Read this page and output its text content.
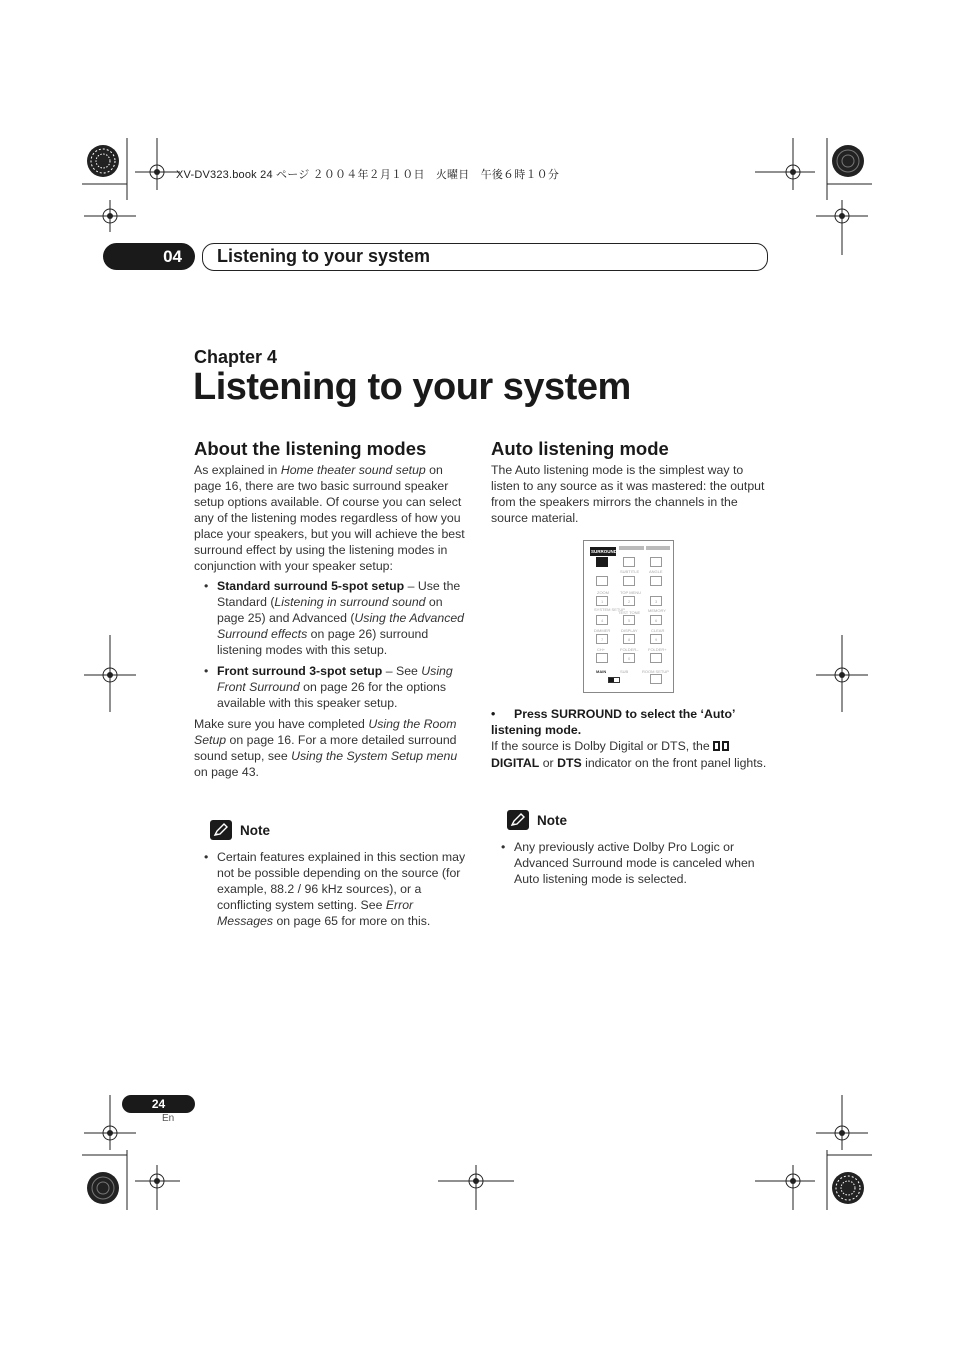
XV-DV323.book 24 ページ ２００４年２月１０日　火曜日　午後６時１０分
04	Listening to your system
Chapter 4
Listening to your system
About the listening modes

As explained in Home theater sound setup on page 16, there are two basic surround speaker setup options available. Of course you can select any of the listening modes regardless of how you place your speakers, but you will achieve the best surround effect by using the listening modes in conjunction with your speaker setup:

• Standard surround 5-spot setup – Use the Standard (Listening in surround sound on page 25) and Advanced (Using the Advanced Surround effects on page 26) surround listening modes with this setup.
• Front surround 3-spot setup – See Using Front Surround on page 26 for the options available with this speaker setup.

Make sure you have completed Using the Room Setup on page 16. For a more detailed surround sound setup, see Using the System Setup menu on page 43.

Note
• Certain features explained in this section may not be possible depending on the source (for example, 88.2 / 96 kHz sources), or a conflicting system setting. See Error Messages on page 65 for more on this.
Auto listening mode
The Auto listening mode is the simplest way to listen to any source as it was mastered: the output from the speakers mirrors the channels in the source material.
SURROUND
SUBTITLE ANGLE
ZOOM	TOP MENU
1	2	3
SYSTEM SETUP
TEST TONE MEMORY
4	5	6
DIMMER	DISPLAY	CLEAR
7	8	9
CH+	FOLDER– FOLDER+
0
MAIN	SUB	ROOM SETUP

• Press SURROUND to select the ‘Auto’ listening mode.

If the source is Dolby Digital or DTS, the DIGITAL or DTS indicator on the front panel lights.

Note
• Any previously active Dolby Pro Logic or Advanced Surround mode is canceled when Auto listening mode is selected.
24
En
